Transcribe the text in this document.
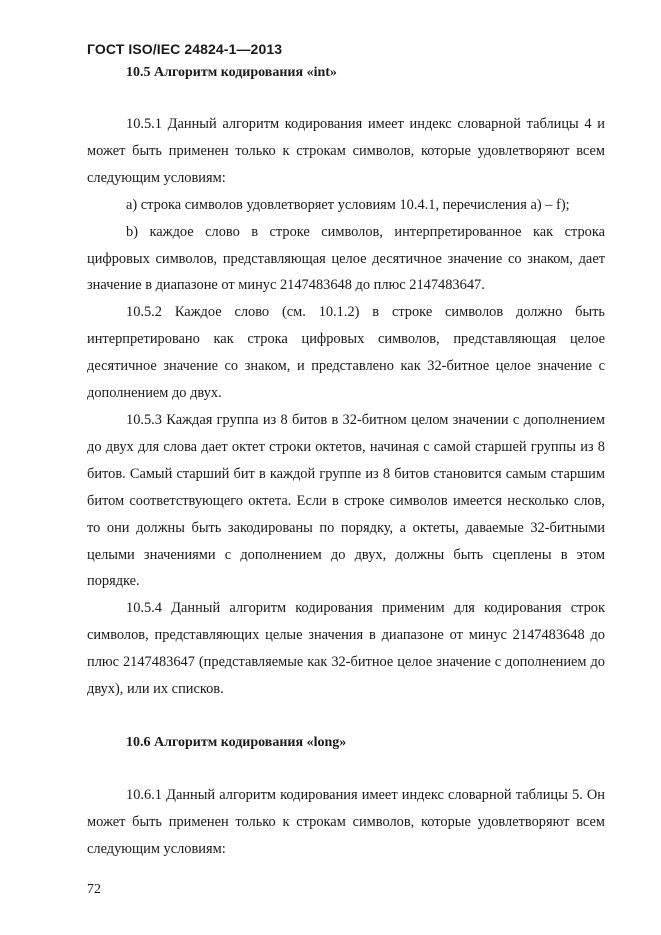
ГОСТ ISO/IEC 24824-1—2013
10.5 Алгоритм кодирования «int»

10.5.1 Данный алгоритм кодирования имеет индекс словарной таблицы 4 и может быть применен только к строкам символов, которые удовлетворяют всем следующим условиям:

a) строка символов удовлетворяет условиям 10.4.1, перечисления а) – f);

b) каждое слово в строке символов, интерпретированное как строка цифровых символов, представляющая целое десятичное значение со знаком, дает значение в диапазоне от минус 2147483648 до плюс 2147483647.

10.5.2 Каждое слово (см. 10.1.2) в строке символов должно быть интерпретировано как строка цифровых символов, представляющая целое десятичное значение со знаком, и представлено как 32-битное целое значение с дополнением до двух.

10.5.3 Каждая группа из 8 битов в 32-битном целом значении с дополнением до двух для слова дает октет строки октетов, начиная с самой старшей группы из 8 битов. Самый старший бит в каждой группе из 8 битов становится самым старшим битом соответствующего октета. Если в строке символов имеется несколько слов, то они должны быть закодированы по порядку, а октеты, даваемые 32-битными целыми значениями с дополнением до двух, должны быть сцеплены в этом порядке.

10.5.4 Данный алгоритм кодирования применим для кодирования строк символов, представляющих целые значения в диапазоне от минус 2147483648 до плюс 2147483647 (представляемые как 32-битное целое значение с дополнением до двух), или их списков.

10.6 Алгоритм кодирования «long»

10.6.1 Данный алгоритм кодирования имеет индекс словарной таблицы 5. Он может быть применен только к строкам символов, которые удовлетворяют всем следующим условиям:

72
